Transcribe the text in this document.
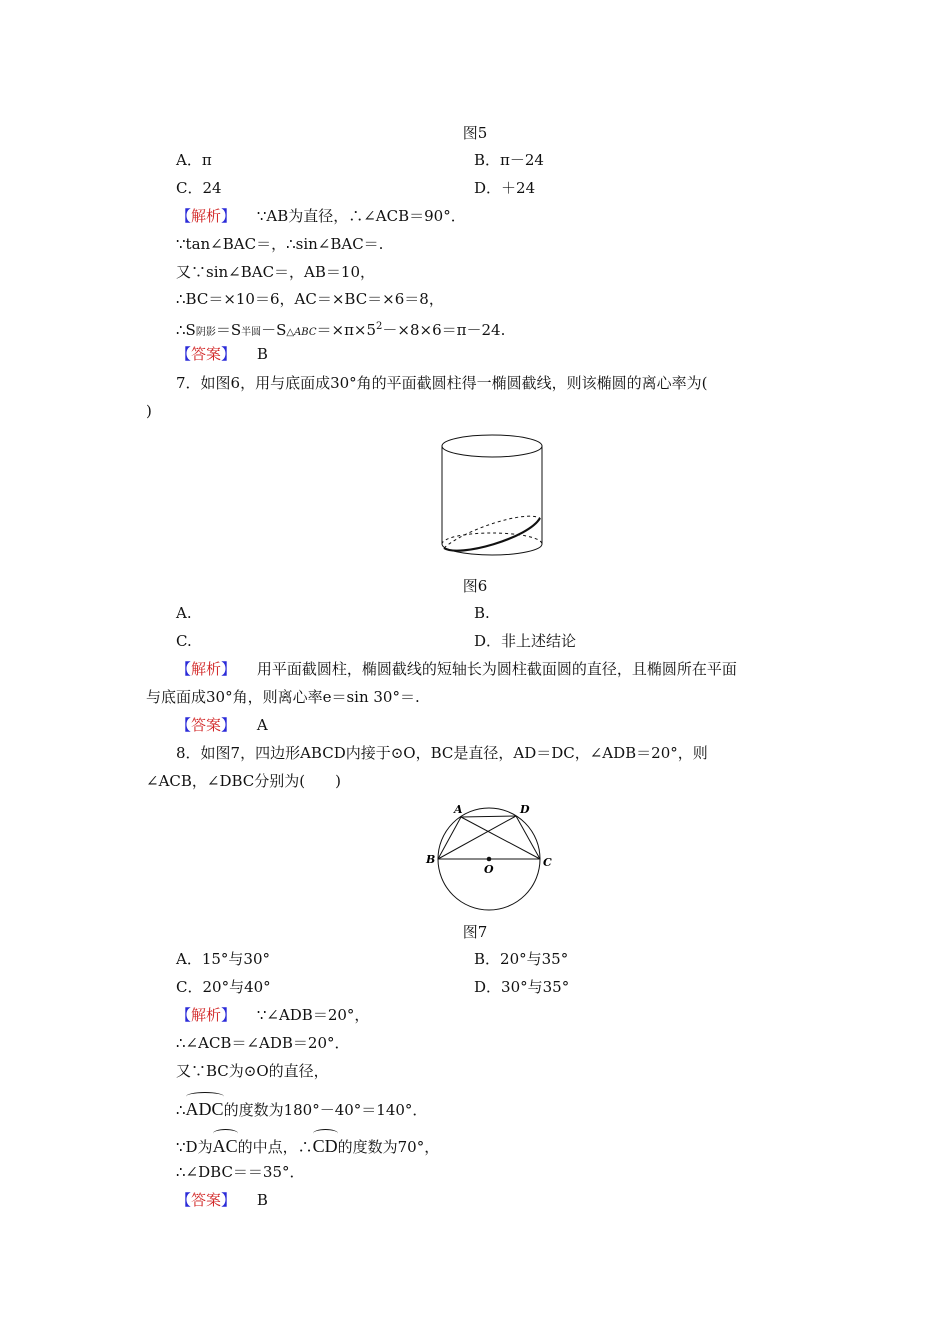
图5
A．π	B．π－24
C．24	D．＋24
【解析】 ∵AB为直径，∴∠ACB＝90°．
∵tan∠BAC＝，∴sin∠BAC＝.
又∵sin∠BAC＝，AB＝10，
∴BC＝×10＝6，AC＝×BC＝×6＝8，
∴S阴影＝S半圆$-S\triangle ABC=\times\pi\times 5^2-\times 8\times 6=\pi-24$.
【答案】 B
7．如图6，用与底面成30°角的平面截圆柱得一椭圆截线，则该椭圆的离心率为(
)
图6
A.	B.
C.	D．非上述结论
【解析】 用平面截圆柱，椭圆截线的短轴长为圆柱截面圆的直径，且椭圆所在平面
与底面成30°角，则离心率e＝sin 30°＝.
【答案】 A
8．如图7，四边形ABCD内接于⊙O，BC是直径，AD＝DC，∠ADB＝20°，则
∠ACB，∠DBC分别为(　　)
A	D
B	C
O
图7
A．15°与30°	B．20°与35°
C．20°与40°	D．30°与35°
【解析】 ∵∠ADB＝20°，
∴∠ACB＝∠ADB＝20°．
又∵BC为⊙O的直径，
∴ADC的度数为180°－40°＝140°．
∵D为AC的中点，∴CD的度数为70°，
∴∠DBC＝＝35°．
【答案】 B
